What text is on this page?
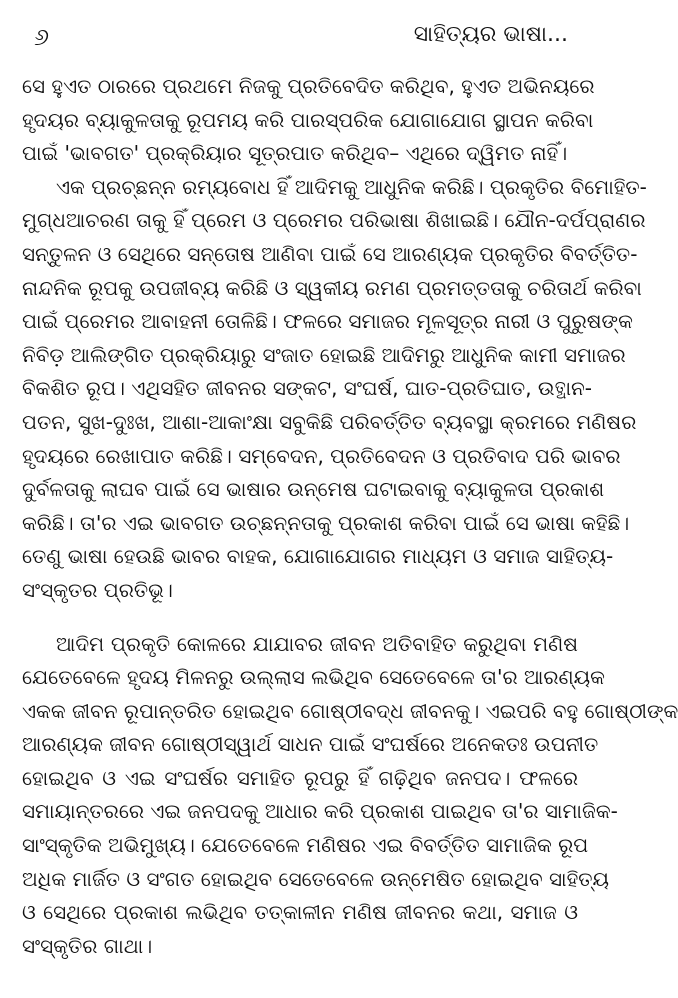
୬	ସାହିତ୍ୟର ଭାଷା...
ସେ ହୁଏତ ଠାରରେ ପ୍ରଥମେ ନିଜକୁ ପ୍ରତିବେଦିତ କରିଥିବ, ହୁଏତ ଅଭିନୟରେ
ହୃଦୟର ବ୍ୟାକୁଳତାକୁ ରୂପମୟ କରି ପାରସ୍ପରିକ ଯୋଗାଯୋଗ ସ୍ଥାପନ କରିବା
ପାଇଁ 'ଭାବଗତ' ପ୍ରକ୍ରିୟାର ସୂତ୍ରପାତ କରିଥିବ– ଏଥିରେ ଦ୍ୱିମତ ନାହିଁ।
ଏକ ପ୍ରଚ୍ଛନ୍ନ ରମ୍ୟବୋଧ ହିଁ ଆଦିମକୁ ଆଧୁନିକ କରିଛି। ପ୍ରକୃତିର ବିମୋହିତ-
ମୁଗ୍ଧଆଚରଣ ତାକୁ ହିଁ ପ୍ରେମ ଓ ପ୍ରେମର ପରିଭାଷା ଶିଖାଇଛି। ଯୌନ-ଦର୍ପପ୍ରାଣର
ସନ୍ତୁଳନ ଓ ସେଥିରେ ସନ୍ତୋଷ ଆଣିବା ପାଇଁ ସେ ଆରଣ୍ୟକ ପ୍ରକୃତିର ବିବର୍ତ୍ତିତ-
ନାନ୍ଦନିକ ରୂପକୁ ଉପଜୀବ୍ୟ କରିଛି ଓ ସ୍ୱକୀୟ ରମଣ ପ୍ରମତ୍ତତାକୁ ଚରିତାର୍ଥ କରିବା
ପାଇଁ ପ୍ରେମର ଆବାହନୀ ତୋଳିଛି। ଫଳରେ ସମାଜର ମୂଳସୂତ୍ର ନାରୀ ଓ ପୁରୁଷଙ୍କ
ନିବିଡ଼ ଆଲିଙ୍ଗିତ ପ୍ରକ୍ରିୟାରୁ ସଂଜାତ ହୋଇଛି ଆଦିମରୁ ଆଧୁନିକ କାମୀ ସମାଜର
ବିକଶିତ ରୂପ। ଏଥିସହିତ ଜୀବନର ସଙ୍କଟ, ସଂଘର୍ଷ, ଘାତ-ପ୍ରତିଘାତ, ଉତ୍ଥାନ-
ପତନ, ସୁଖ-ଦୁଃଖ, ଆଶା-ଆକାଂକ୍ଷା ସବୁକିଛି ପରିବର୍ତ୍ତିତ ବ୍ୟବସ୍ଥା କ୍ରମରେ ମଣିଷର
ହୃଦୟରେ ରେଖାପାତ କରିଛି। ସମ୍ବେଦନ, ପ୍ରତିବେଦନ ଓ ପ୍ରତିବାଦ ପରି ଭାବର
ଦୁର୍ବଳତାକୁ ଲାଘବ ପାଇଁ ସେ ଭାଷାର ଉନ୍ମେଷ ଘଟାଇବାକୁ ବ୍ୟାକୁଳତା ପ୍ରକାଶ
କରିଛି। ତା'ର ଏଇ ଭାବଗତ ଉଚ୍ଛନ୍ନତାକୁ ପ୍ରକାଶ କରିବା ପାଇଁ ସେ ଭାଷା କହିଛି।
ତେଣୁ ଭାଷା ହେଉଛି ଭାବର ବାହକ, ଯୋଗାଯୋଗର ମାଧ୍ୟମ ଓ ସମାଜ ସାହିତ୍ୟ-
ସଂସ୍କୃତର ପ୍ରତିଭୂ।
ଆଦିମ ପ୍ରକୃତି କୋଳରେ ଯାଯାବର ଜୀବନ ଅତିବାହିତ କରୁଥିବା ମଣିଷ
ଯେତେବେଳେ ହୃଦୟ ମିଳନରୁ ଉଲ୍ଲାସ ଲଭିଥିବ ସେତେବେଳେ ତା'ର ଆରଣ୍ୟକ
ଏକକ ଜୀବନ ରୂପାନ୍ତରିତ ହୋଇଥିବ ଗୋଷ୍ଠୀବଦ୍ଧ ଜୀବନକୁ। ଏଇପରି ବହୁ ଗୋଷ୍ଠୀଙ୍କ
ଆରଣ୍ୟକ ଜୀବନ ଗୋଷ୍ଠୀସ୍ୱାର୍ଥ ସାଧନ ପାଇଁ ସଂଘର୍ଷରେ ଅନେକତଃ ଉପନୀତ
ହୋଇଥିବ ଓ ଏଇ ସଂଘର୍ଷର ସମାହିତ ରୂପରୁ ହିଁ ଗଢ଼ିଥିବ ଜନପଦ। ଫଳରେ
ସମାୟାନ୍ତରରେ ଏଇ ଜନପଦକୁ ଆଧାର କରି ପ୍ରକାଶ ପାଇଥିବ ତା'ର ସାମାଜିକ-
ସାଂସ୍କୃତିକ ଅଭିମୁଖ୍ୟ। ଯେତେବେଳେ ମଣିଷର ଏଇ ବିବର୍ତ୍ତିତ ସାମାଜିକ ରୂପ
ଅଧିକ ମାର୍ଜିତ ଓ ସଂଗତ ହୋଇଥିବ ସେତେବେଳେ ଉନ୍ମେଷିତ ହୋଇଥିବ ସାହିତ୍ୟ
ଓ ସେଥିରେ ପ୍ରକାଶ ଲଭିଥିବ ତତ୍କାଳୀନ ମଣିଷ ଜୀବନର କଥା, ସମାଜ ଓ
ସଂସ୍କୃତିର ଗାଥା।
